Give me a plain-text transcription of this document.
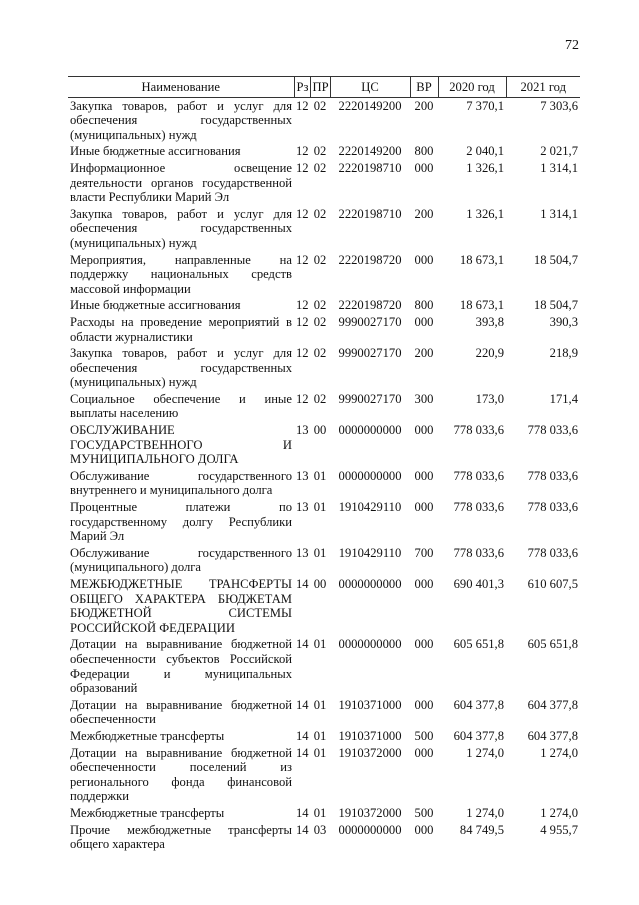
72
Наименование	Рз	ПР	ЦС	ВР	2020 год	2021 год
Закупка товаров, работ и услуг для обеспечения государственных (муниципальных) нужд	12	02	2220149200	200	7 370,1	7 303,6
Иные бюджетные ассигнования	12	02	2220149200	800	2 040,1	2 021,7
Информационное освещение деятельности органов государственной власти Республики Марий Эл	12	02	2220198710	000	1 326,1	1 314,1
Закупка товаров, работ и услуг для обеспечения государственных (муниципальных) нужд	12	02	2220198710	200	1 326,1	1 314,1
Мероприятия, направленные на поддержку национальных средств массовой информации	12	02	2220198720	000	18 673,1	18 504,7
Иные бюджетные ассигнования	12	02	2220198720	800	18 673,1	18 504,7
Расходы на проведение мероприятий в области журналистики	12	02	9990027170	000	393,8	390,3
Закупка товаров, работ и услуг для обеспечения государственных (муниципальных) нужд	12	02	9990027170	200	220,9	218,9
Социальное обеспечение и иные выплаты населению	12	02	9990027170	300	173,0	171,4
ОБСЛУЖИВАНИЕ ГОСУДАРСТВЕННОГО И МУНИЦИПАЛЬНОГО ДОЛГА	13	00	0000000000	000	778 033,6	778 033,6
Обслуживание государственного внутреннего и муниципального долга	13	01	0000000000	000	778 033,6	778 033,6
Процентные платежи по государственному долгу Республики Марий Эл	13	01	1910429110	000	778 033,6	778 033,6
Обслуживание государственного (муниципального) долга	13	01	1910429110	700	778 033,6	778 033,6
МЕЖБЮДЖЕТНЫЕ ТРАНСФЕРТЫ ОБЩЕГО ХАРАКТЕРА БЮДЖЕТАМ БЮДЖЕТНОЙ СИСТЕМЫ РОССИЙСКОЙ ФЕДЕРАЦИИ	14	00	0000000000	000	690 401,3	610 607,5
Дотации на выравнивание бюджетной обеспеченности субъектов Российской Федерации и муниципальных образований	14	01	0000000000	000	605 651,8	605 651,8
Дотации на выравнивание бюджетной обеспеченности	14	01	1910371000	000	604 377,8	604 377,8
Межбюджетные трансферты	14	01	1910371000	500	604 377,8	604 377,8
Дотации на выравнивание бюджетной обеспеченности поселений из регионального фонда финансовой поддержки	14	01	1910372000	000	1 274,0	1 274,0
Межбюджетные трансферты	14	01	1910372000	500	1 274,0	1 274,0
Прочие межбюджетные трансферты общего характера	14	03	0000000000	000	84 749,5	4 955,7
